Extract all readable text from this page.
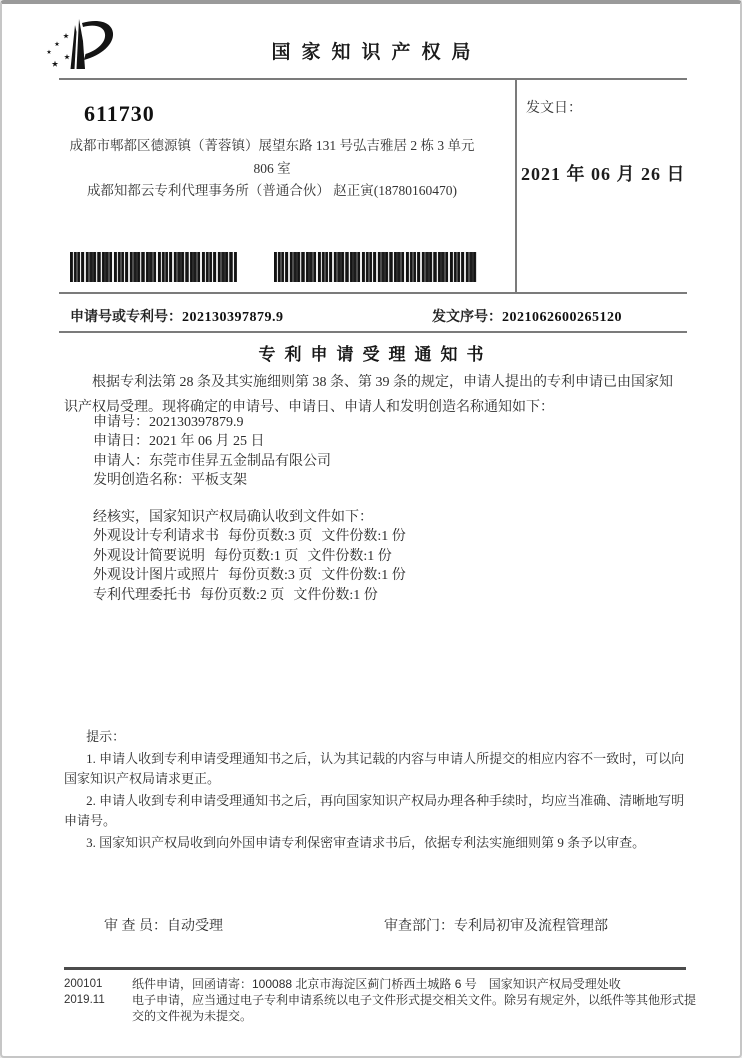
国家知识产权局
发文日：
2021 年 06 月 26 日
611730
成都市郫都区德源镇（菁蓉镇）展望东路 131 号弘吉雅居 2 栋 3 单元
806 室
成都知都云专利代理事务所（普通合伙） 赵正寅(18780160470)
申请号或专利号：202130397879.9	发文序号：2021062600265120
专利申请受理通知书
根据专利法第 28 条及其实施细则第 38 条、第 39 条的规定，申请人提出的专利申请已由国家知识产权局受理。现将确定的申请号、申请日、申请人和发明创造名称通知如下：
申请号：202130397879.9
申请日：2021 年 06 月 25 日
申请人：东莞市佳昇五金制品有限公司
发明创造名称：平板支架
经核实，国家知识产权局确认收到文件如下：
外观设计专利请求书 每份页数:3 页 文件份数:1 份
外观设计简要说明 每份页数:1 页 文件份数:1 份
外观设计图片或照片 每份页数:3 页 文件份数:1 份
专利代理委托书 每份页数:2 页 文件份数:1 份

提示：

1. 申请人收到专利申请受理通知书之后，认为其记载的内容与申请人所提交的相应内容不一致时，可以向国家知识产权局请求更正。

2. 申请人收到专利申请受理通知书之后，再向国家知识产权局办理各种手续时，均应当准确、清晰地写明申请号。

3. 国家知识产权局收到向外国申请专利保密审查请求书后，依据专利法实施细则第 9 条予以审查。

审 查 员：自动受理	审查部门：专利局初审及流程管理部
200101
2019.11
纸件申请，回函请寄：100088 北京市海淀区蓟门桥西土城路 6 号　国家知识产权局受理处收
电子申请，应当通过电子专利申请系统以电子文件形式提交相关文件。除另有规定外，以纸件等其他形式提交的文件视为未提交。
